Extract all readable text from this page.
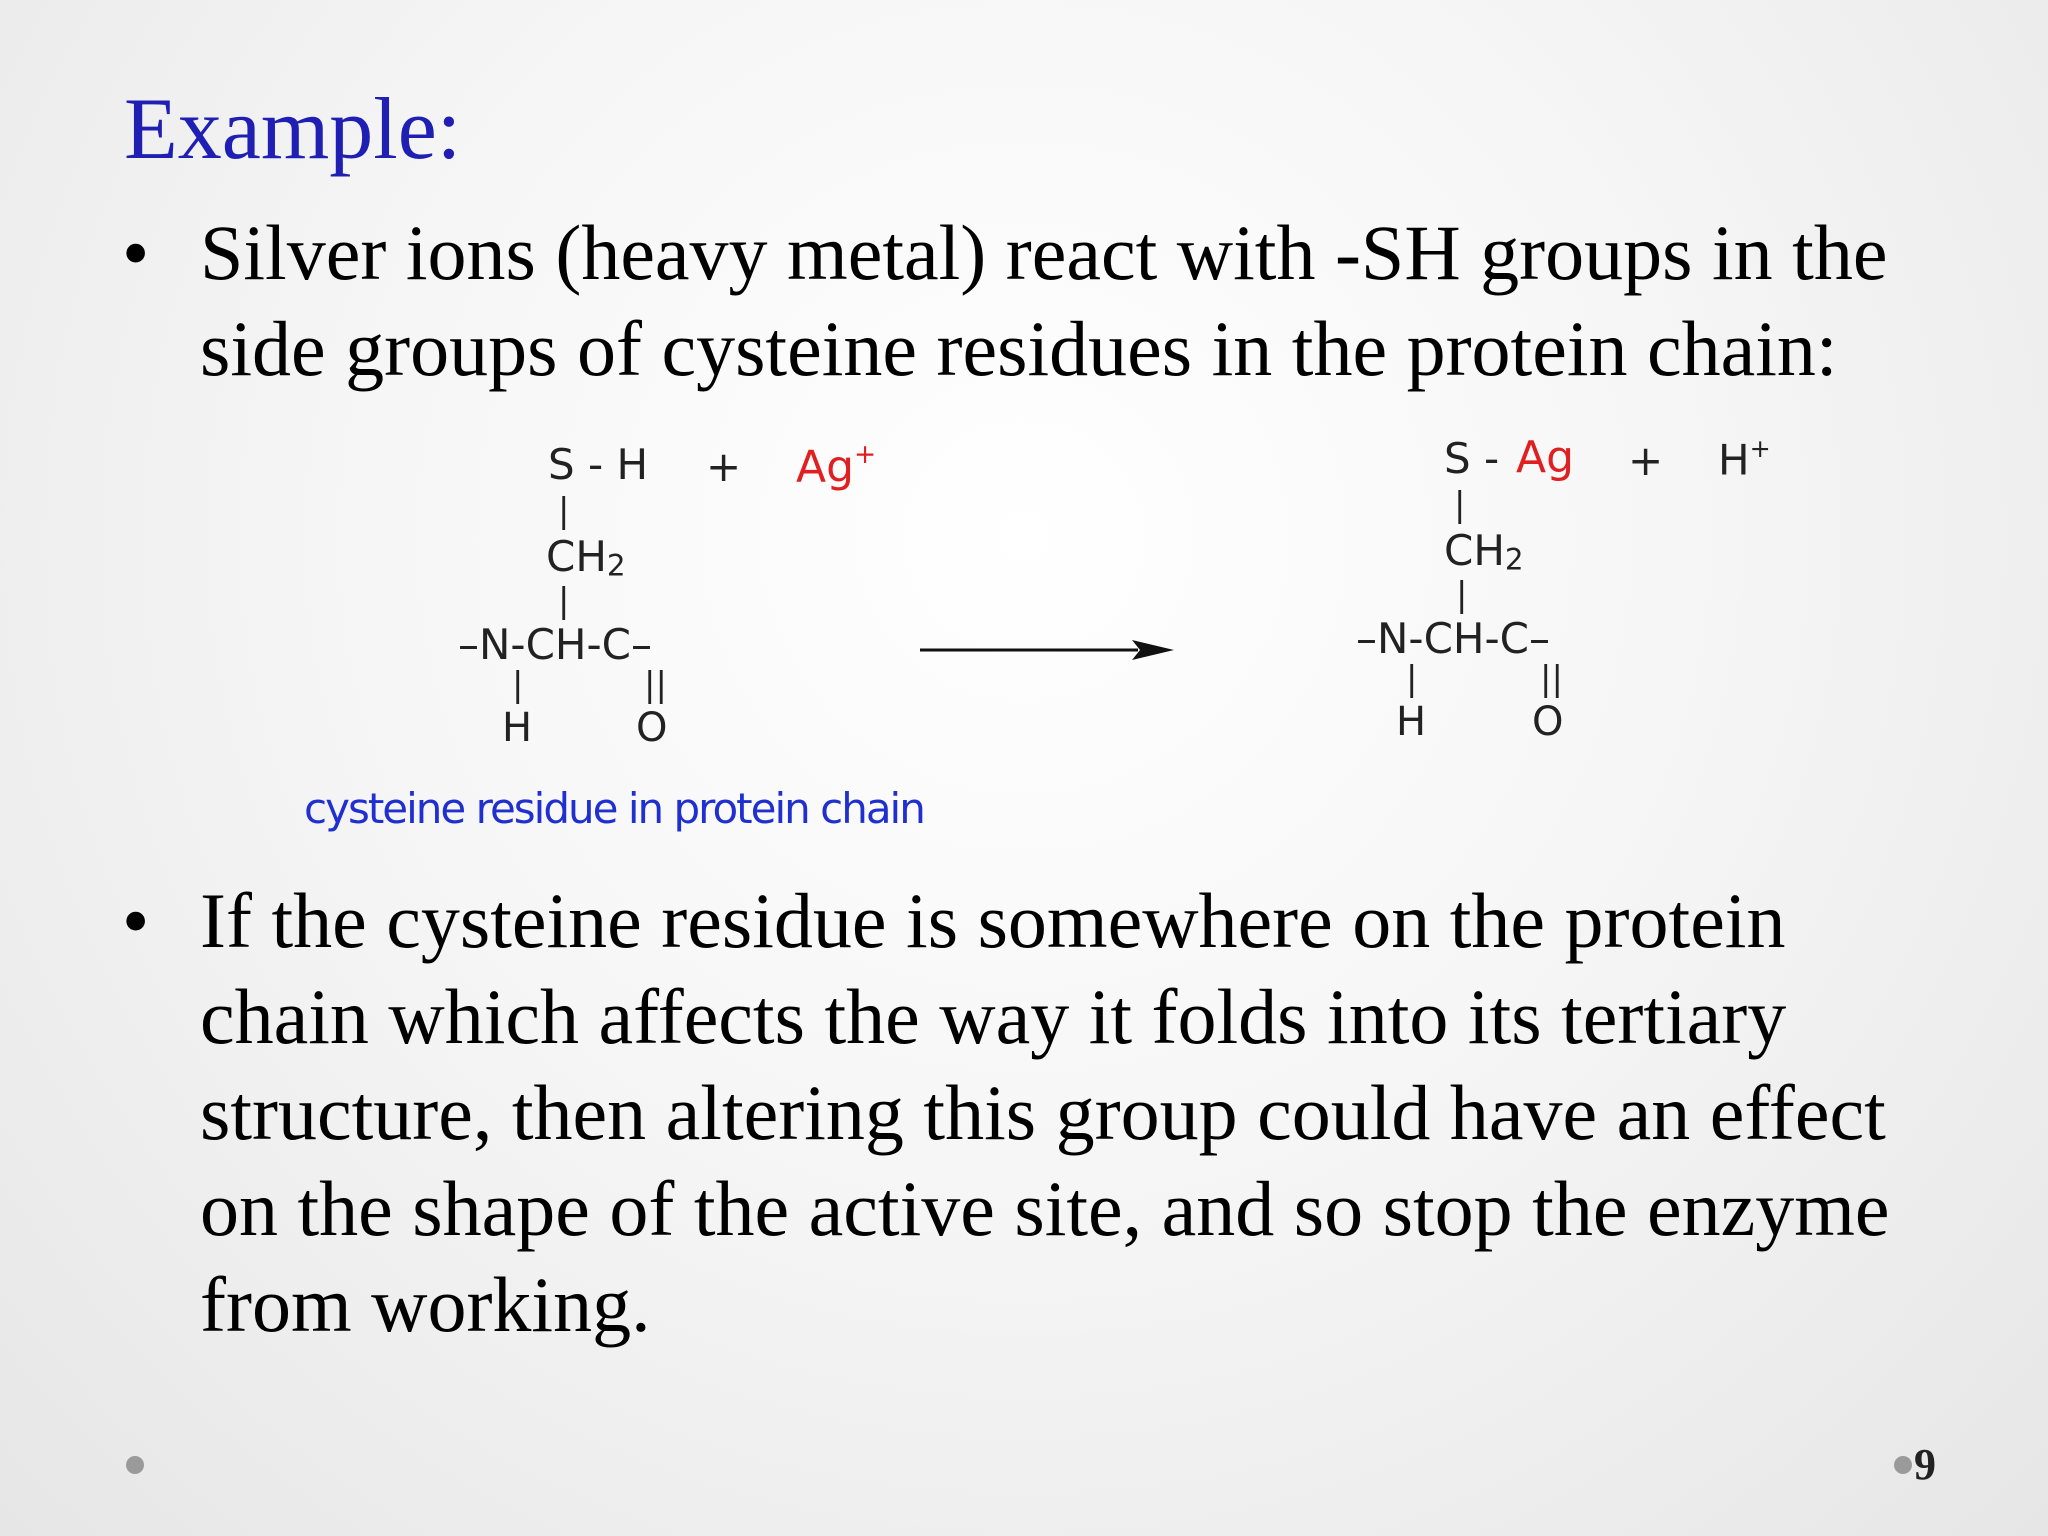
Example:
• Silver ions (heavy metal) react with -SH groups in the
side groups of cysteine residues in the protein chain:
S - H + Ag+
|
$CH_2$
|
–N-CH-C–
|	||
H	O
S - Ag + H+
|
$CH_2$
|
–N-CH-C–
|	||
H	O
cysteine residue in protein chain
• If the cysteine residue is somewhere on the protein
chain which affects the way it folds into its tertiary
structure, then altering this group could have an effect
on the shape of the active site, and so stop the enzyme
from working.
9
